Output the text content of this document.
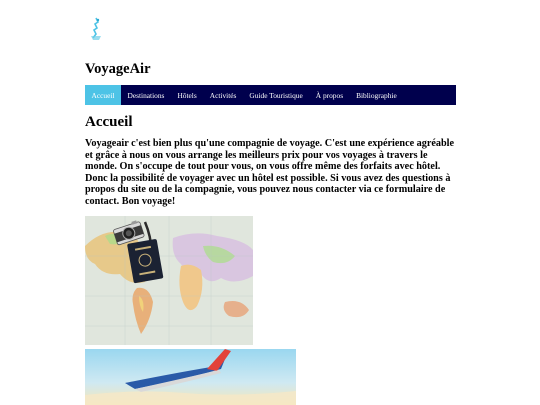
VoyageAir
Accueil	Destinations	Hôtels	Activités	Guide Touristique	À propos	Bibliographie
Accueil

Voyageair c'est bien plus qu'une compagnie de voyage. C'est une expérience agréable et grâce à nous on vous arrange les meilleurs prix pour vos voyages à travers le monde. On s'occupe de tout pour vous, on vous offre même des forfaits avec hôtel. Donc la possibilité de voyager avec un hôtel est possible. Si vous avez des questions à propos du site ou de la compagnie, vous pouvez nous contacter via ce formulaire de contact. Bon voyage!
